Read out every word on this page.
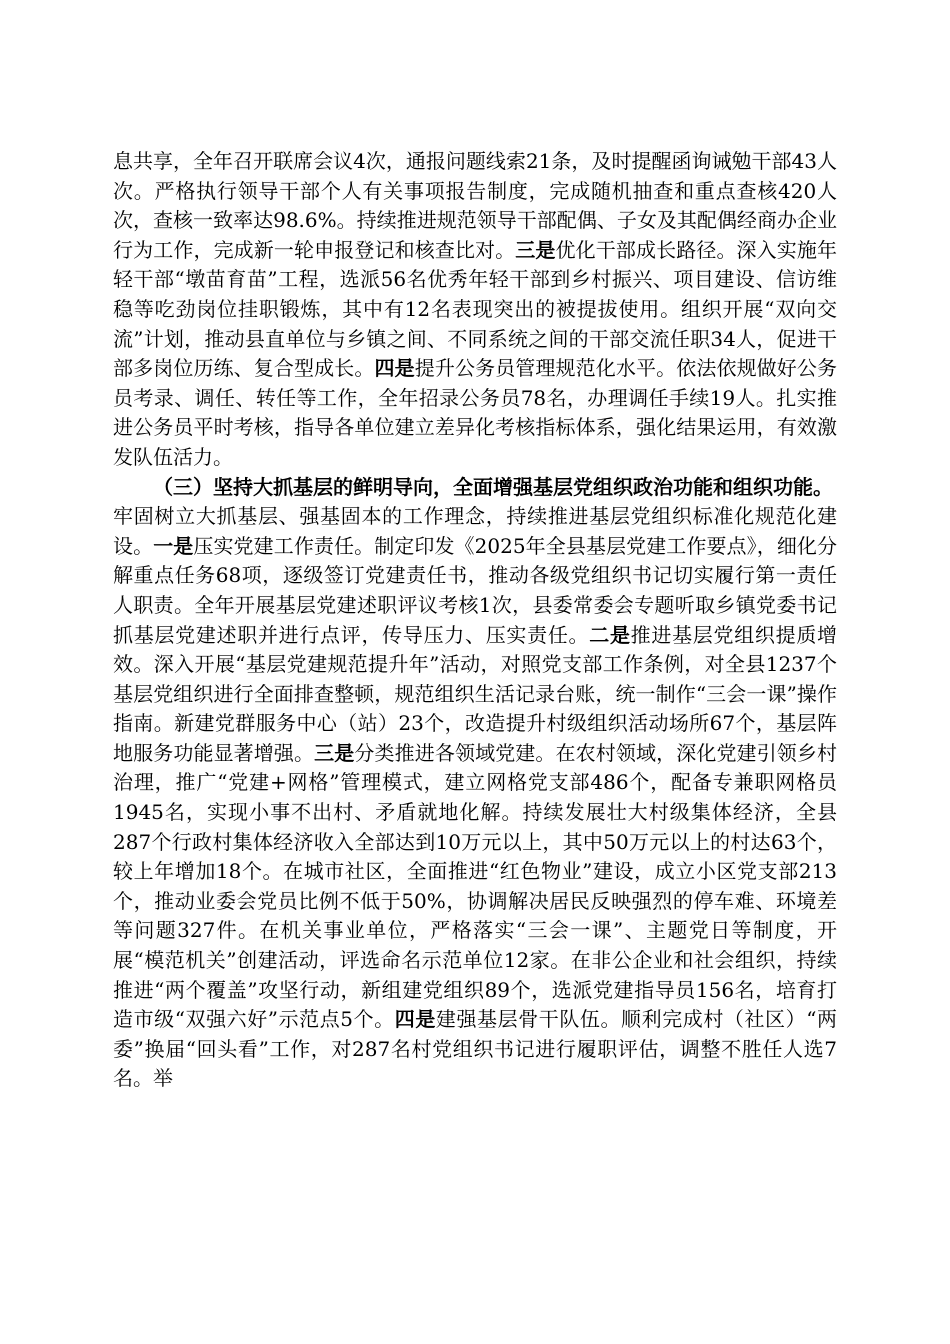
息共享，全年召开联席会议4次，通报问题线索21条，及时提醒函询诫勉干部43人次。严格执行领导干部个人有关事项报告制度，完成随机抽查和重点查核420人次，查核一致率达98.6%。持续推进规范领导干部配偶、子女及其配偶经商办企业行为工作，完成新一轮申报登记和核查比对。三是优化干部成长路径。深入实施年轻干部“墩苗育苗”工程，选派56名优秀年轻干部到乡村振兴、项目建设、信访维稳等吃劲岗位挂职锻炼，其中有12名表现突出的被提拔使用。组织开展“双向交流”计划，推动县直单位与乡镇之间、不同系统之间的干部交流任职34人，促进干部多岗位历练、复合型成长。四是提升公务员管理规范化水平。依法依规做好公务员考录、调任、转任等工作，全年招录公务员78名，办理调任手续19人。扎实推进公务员平时考核，指导各单位建立差异化考核指标体系，强化结果运用，有效激发队伍活力。

（三）坚持大抓基层的鲜明导向，全面增强基层党组织政治功能和组织功能。

牢固树立大抓基层、强基固本的工作理念，持续推进基层党组织标准化规范化建设。一是压实党建工作责任。制定印发《2025年全县基层党建工作要点》，细化分解重点任务68项，逐级签订党建责任书，推动各级党组织书记切实履行第一责任人职责。全年开展基层党建述职评议考核1次，县委常委会专题听取乡镇党委书记抓基层党建述职并进行点评，传导压力、压实责任。二是推进基层党组织提质增效。深入开展“基层党建规范提升年”活动，对照党支部工作条例，对全县1237个基层党组织进行全面排查整顿，规范组织生活记录台账，统一制作“三会一课”操作指南。新建党群服务中心（站）23个，改造提升村级组织活动场所67个，基层阵地服务功能显著增强。三是分类推进各领域党建。在农村领域，深化党建引领乡村治理，推广“党建+网格”管理模式，建立网格党支部486个，配备专兼职网格员1945名，实现小事不出村、矛盾就地化解。持续发展壮大村级集体经济，全县287个行政村集体经济收入全部达到10万元以上，其中50万元以上的村达63个，较上年增加18个。在城市社区，全面推进“红色物业”建设，成立小区党支部213个，推动业委会党员比例不低于50%，协调解决居民反映强烈的停车难、环境差等问题327件。在机关事业单位，严格落实“三会一课”、主题党日等制度，开展“模范机关”创建活动，评选命名示范单位12家。在非公企业和社会组织，持续推进“两个覆盖”攻坚行动，新组建党组织89个，选派党建指导员156名，培育打造市级“双强六好”示范点5个。四是建强基层骨干队伍。顺利完成村（社区）“两委”换届“回头看”工作，对287名村党组织书记进行履职评估，调整不胜任人选7名。举
